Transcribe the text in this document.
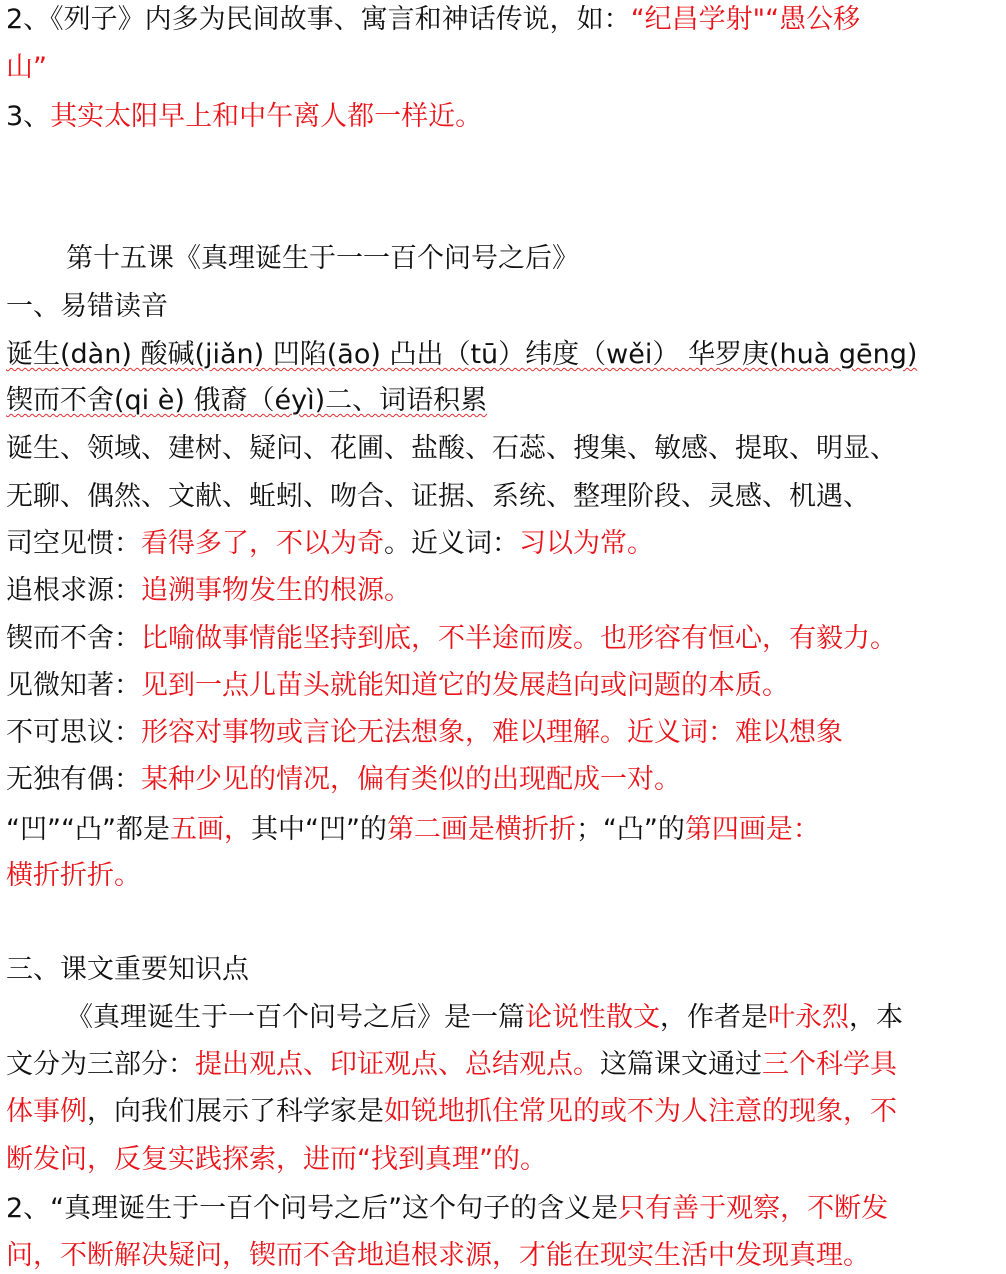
2、《列子》内多为民间故事、寓言和神话传说，如：“纪昌学射"“愚公移
山”
3、其实太阳早上和中午离人都一样近。
第十五课《真理诞生于一一百个问号之后》
一、易错读音
诞生(dàn) 酸碱(jiǎn) 凹陷(āo) 凸出（tū）纬度（wěi） 华罗庚(huà gēng)
锲而不舍(qi è) 俄裔（éyì)二、词语积累
诞生、领域、建树、疑问、花圃、盐酸、石蕊、搜集、敏感、提取、明显、
无聊、偶然、文献、蚯蚓、吻合、证据、系统、整理阶段、灵感、机遇、
司空见惯：看得多了，不以为奇。近义词：习以为常。
追根求源：追溯事物发生的根源。
锲而不舍：比喻做事情能坚持到底，不半途而废。也形容有恒心，有毅力。
见微知著：见到一点儿苗头就能知道它的发展趋向或问题的本质。
不可思议：形容对事物或言论无法想象，难以理解。近义词：难以想象
无独有偶：某种少见的情况，偏有类似的出现配成一对。
“凹”“凸”都是五画，其中“凹”的第二画是横折折；“凸”的第四画是：
横折折折。
三、课文重要知识点
《真理诞生于一百个问号之后》是一篇论说性散文，作者是叶永烈，本
文分为三部分：提出观点、印证观点、总结观点。这篇课文通过三个科学具
体事例，向我们展示了科学家是如锐地抓住常见的或不为人注意的现象，不
断发问，反复实践探索，进而“找到真理”的。
2、“真理诞生于一百个问号之后”这个句子的含义是只有善于观察，不断发
问，不断解决疑问，锲而不舍地追根求源，才能在现实生活中发现真理。
